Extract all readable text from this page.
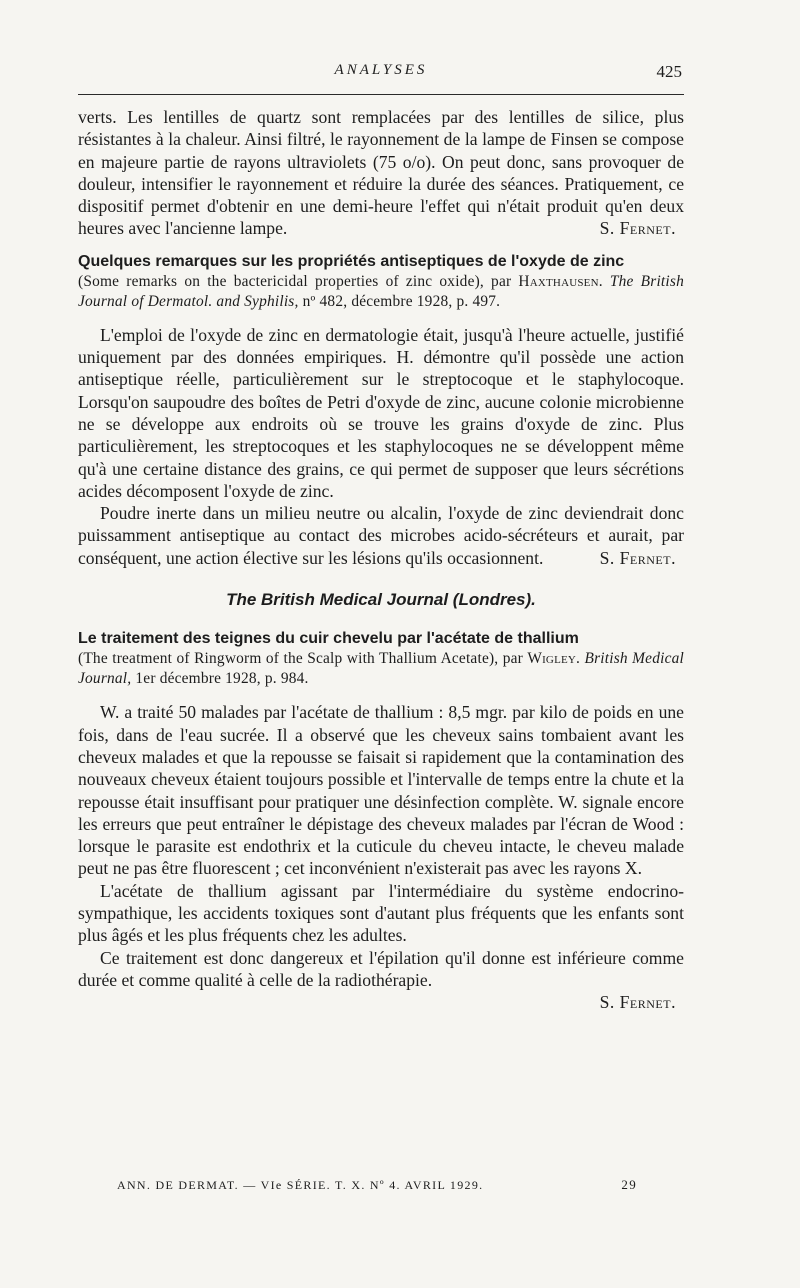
ANALYSES	425

verts. Les lentilles de quartz sont remplacées par des lentilles de silice, plus résistantes à la chaleur. Ainsi filtré, le rayonnement de la lampe de Finsen se compose en majeure partie de rayons ultraviolets (75 o/o). On peut donc, sans provoquer de douleur, intensifier le rayonnement et réduire la durée des séances. Pratiquement, ce dispositif permet d'obtenir en une demi-heure l'effet qui n'était produit qu'en deux heures avec l'ancienne lampe.	S. Fernet.

Quelques remarques sur les propriétés antiseptiques de l'oxyde de zinc
(Some remarks on the bactericidal properties of zinc oxide), par Haxthausen. The British Journal of Dermatol. and Syphilis, nº 482, décembre 1928, p. 497.

L'emploi de l'oxyde de zinc en dermatologie était, jusqu'à l'heure actuelle, justifié uniquement par des données empiriques. H. démontre qu'il possède une action antiseptique réelle, particulièrement sur le streptocoque et le staphylocoque. Lorsqu'on saupoudre des boîtes de Petri d'oxyde de zinc, aucune colonie microbienne ne se développe aux endroits où se trouve les grains d'oxyde de zinc. Plus particulièrement, les streptocoques et les staphylocoques ne se développent même qu'à une certaine distance des grains, ce qui permet de supposer que leurs sécrétions acides décomposent l'oxyde de zinc.

Poudre inerte dans un milieu neutre ou alcalin, l'oxyde de zinc deviendrait donc puissamment antiseptique au contact des microbes acido-sécréteurs et aurait, par conséquent, une action élective sur les lésions qu'ils occasionnent.	S. Fernet.

The British Medical Journal (Londres).
Le traitement des teignes du cuir chevelu par l'acétate de thallium
(The treatment of Ringworm of the Scalp with Thallium Acetate), par Wigley. British Medical Journal, 1er décembre 1928, p. 984.

W. a traité 50 malades par l'acétate de thallium : 8,5 mgr. par kilo de poids en une fois, dans de l'eau sucrée. Il a observé que les cheveux sains tombaient avant les cheveux malades et que la repousse se faisait si rapidement que la contamination des nouveaux cheveux étaient toujours possible et l'intervalle de temps entre la chute et la repousse était insuffisant pour pratiquer une désinfection complète. W. signale encore les erreurs que peut entraîner le dépistage des cheveux malades par l'écran de Wood : lorsque le parasite est endothrix et la cuticule du cheveu intacte, le cheveu malade peut ne pas être fluorescent ; cet inconvénient n'existerait pas avec les rayons X.

L'acétate de thallium agissant par l'intermédiaire du système endocrino-sympathique, les accidents toxiques sont d'autant plus fréquents que les enfants sont plus âgés et les plus fréquents chez les adultes.

Ce traitement est donc dangereux et l'épilation qu'il donne est inférieure comme durée et comme qualité à celle de la radiothérapie.

S. Fernet.
ANN. DE DERMAT. — VIe SÉRIE. T. X. Nº 4. AVRIL 1929.	29
